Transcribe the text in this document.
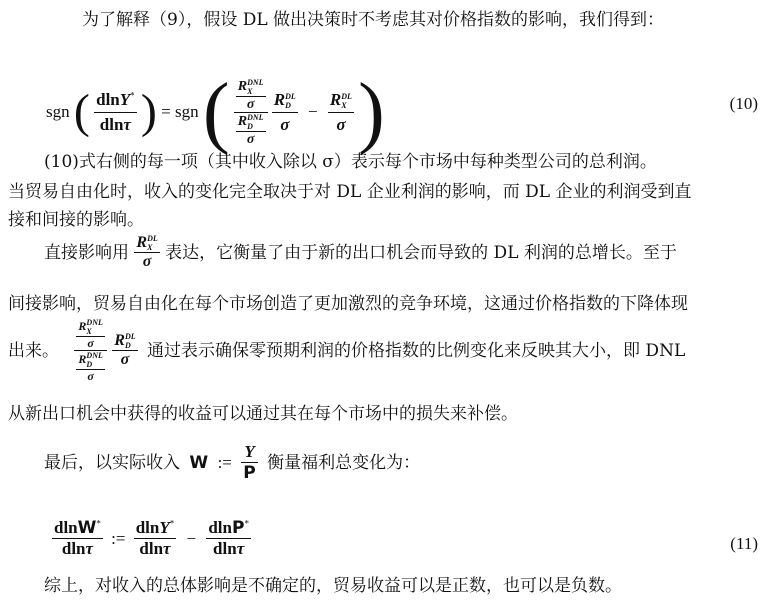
为了解释（9），假设 DL 做出决策时不考虑其对价格指数的影响，我们得到：
sgn ( $\frac{dlnY^*}{dln\tau}$ ) = sgn ( R DNL
X
σ
R DNL
D
σ
R DL
D
σ − R DL
X
σ )	(10)
(10)式右侧的每一项（其中收入除以 σ）表示每个市场中每种类型公司的总利润。
当贸易自由化时，收入的变化完全取决于对 DL 企业利润的影响，而 DL 企业的利润受到直
接和间接的影响。
直接影响用 R DL
X
σ 表达，它衡量了由于新的出口机会而导致的 DL 利润的总增长。至于
间接影响，贸易自由化在每个市场创造了更加激烈的竞争环境，这通过价格指数的下降体现
出来。 R DNL
X
σ
R DNL
D
σ
R DL
D
σ 通过表示确保零预期利润的价格指数的比例变化来反映其大小，即 DNL
从新出口机会中获得的收益可以通过其在每个市场中的损失来补偿。
最后，以实际收入 W := $\frac{Y}{P}$ 衡量福利总变化为：
$\frac{dlnW^*}{dln\tau}$ := $\frac{dlnY^*}{dln\tau} - \frac{dlnP^*}{dln\tau}$	(11)
综上，对收入的总体影响是不确定的，贸易收益可以是正数，也可以是负数。
